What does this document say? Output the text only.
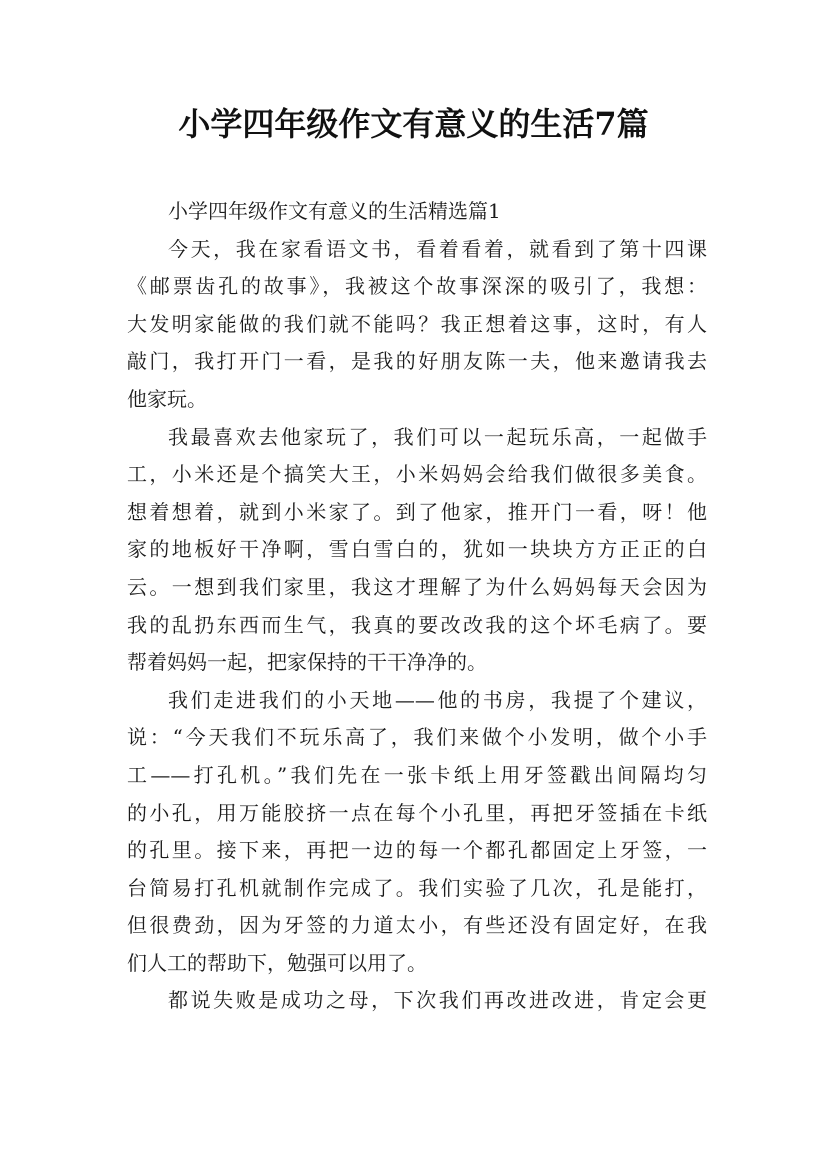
小学四年级作文有意义的生活7篇

小学四年级作文有意义的生活精选篇1

今天，我在家看语文书，看着看着，就看到了第十四课

《邮票齿孔的故事》，我被这个故事深深的吸引了，我想：

大发明家能做的我们就不能吗？我正想着这事，这时，有人

敲门，我打开门一看，是我的好朋友陈一夫，他来邀请我去

他家玩。

我最喜欢去他家玩了，我们可以一起玩乐高，一起做手

工，小米还是个搞笑大王，小米妈妈会给我们做很多美食。

想着想着，就到小米家了。到了他家，推开门一看，呀！他

家的地板好干净啊，雪白雪白的，犹如一块块方方正正的白

云。一想到我们家里，我这才理解了为什么妈妈每天会因为

我的乱扔东西而生气，我真的要改改我的这个坏毛病了。要

帮着妈妈一起，把家保持的干干净净的。

我们走进我们的小天地——他的书房，我提了个建议，

说：“今天我们不玩乐高了，我们来做个小发明，做个小手

工——打孔机。”我们先在一张卡纸上用牙签戳出间隔均匀

的小孔，用万能胶挤一点在每个小孔里，再把牙签插在卡纸

的孔里。接下来，再把一边的每一个都孔都固定上牙签，一

台简易打孔机就制作完成了。我们实验了几次，孔是能打，

但很费劲，因为牙签的力道太小，有些还没有固定好，在我

们人工的帮助下，勉强可以用了。

都说失败是成功之母，下次我们再改进改进，肯定会更
